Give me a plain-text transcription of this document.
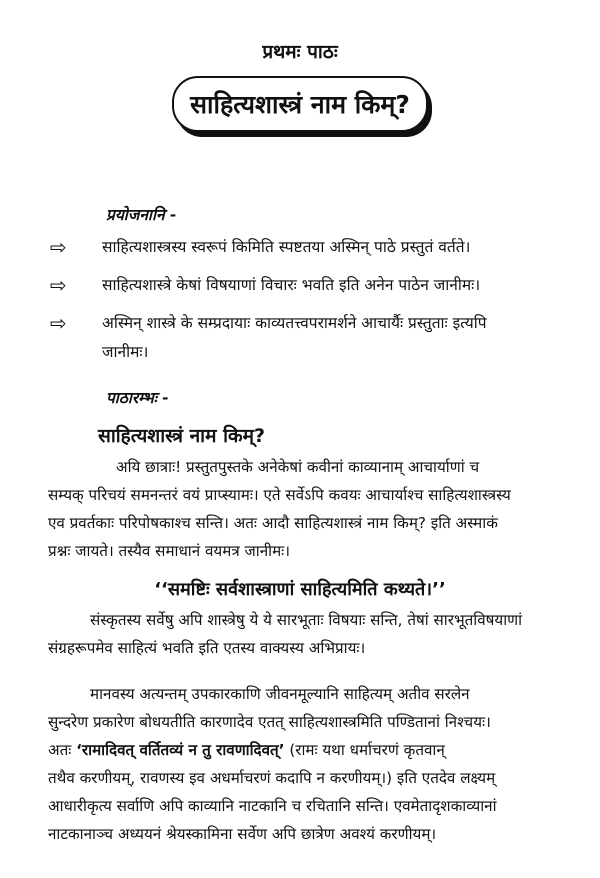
प्रथमः पाठः
साहित्यशास्त्रं नाम किम्?
प्रयोजनानि -
⇨ साहित्यशास्त्रस्य स्वरूपं किमिति स्पष्टतया अस्मिन् पाठे प्रस्तुतं वर्तते।
⇨ साहित्यशास्त्रे केषां विषयाणां विचारः भवति इति अनेन पाठेन जानीमः।
⇨ अस्मिन् शास्त्रे के सम्प्रदायाः काव्यतत्त्वपरामर्शने आचार्यैः प्रस्तुताः इत्यपि
जानीमः।
पाठारम्भः -
साहित्यशास्त्रं नाम किम्?
अयि छात्राः! प्रस्तुतपुस्तके अनेकेषां कवीनां काव्यानाम् आचार्याणां च
सम्यक् परिचयं समनन्तरं वयं प्राप्स्यामः। एते सर्वेऽपि कवयः आचार्याश्च साहित्यशास्त्रस्य
एव प्रवर्तकाः परिपोषकाश्च सन्ति। अतः आदौ साहित्यशास्त्रं नाम किम्? इति अस्माकं
प्रश्नः जायते। तस्यैव समाधानं वयमत्र जानीमः।
‘‘समष्टिः सर्वशास्त्राणां साहित्यमिति कथ्यते।’’
संस्कृतस्य सर्वेषु अपि शास्त्रेषु ये ये सारभूताः विषयाः सन्ति, तेषां सारभूतविषयाणां
संग्रहरूपमेव साहित्यं भवति इति एतस्य वाक्यस्य अभिप्रायः।
मानवस्य अत्यन्तम् उपकारकाणि जीवनमूल्यानि साहित्यम् अतीव सरलेन
सुन्दरेण प्रकारेण बोधयतीति कारणादेव एतत् साहित्यशास्त्रमिति पण्डितानां निश्चयः।
अतः ‘रामादिवत् वर्तितव्यं न तु रावणादिवत्’ (रामः यथा धर्माचरणं कृतवान्
तथैव करणीयम्, रावणस्य इव अधर्माचरणं कदापि न करणीयम्।) इति एतदेव लक्ष्यम्
आधारीकृत्य सर्वाणि अपि काव्यानि नाटकानि च रचितानि सन्ति। एवमेतादृशकाव्यानां
नाटकानाञ्च अध्ययनं श्रेयस्कामिना सर्वेण अपि छात्रेण अवश्यं करणीयम्।
